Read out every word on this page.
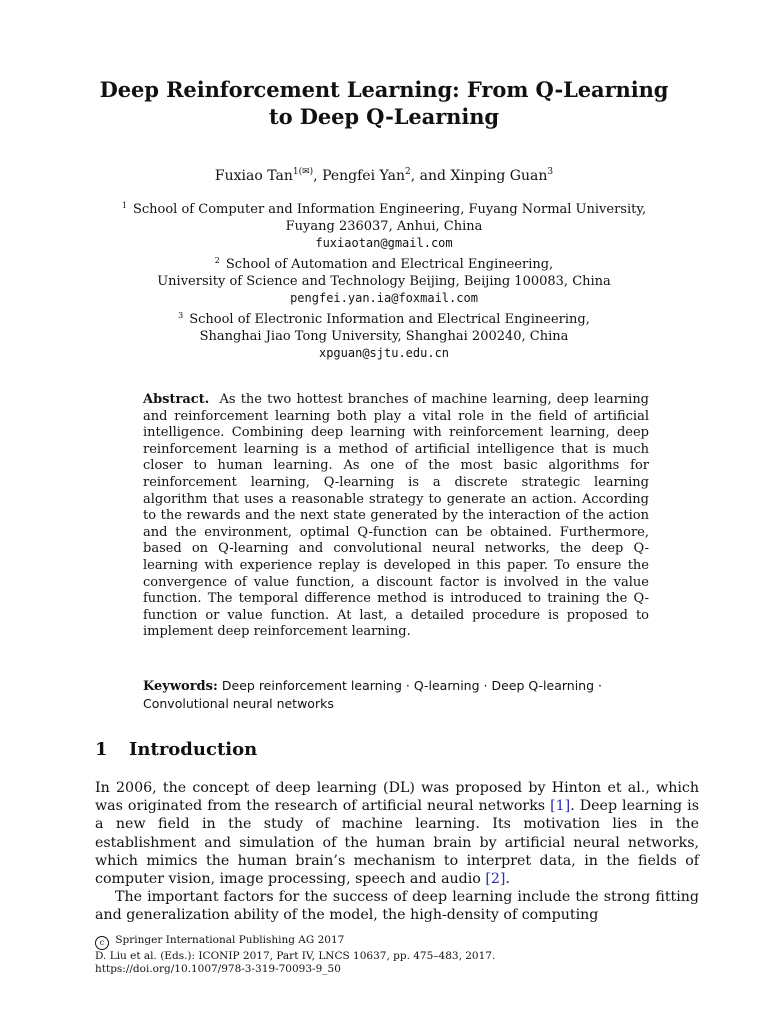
Deep Reinforcement Learning: From Q-Learning
to Deep Q-Learning
Fuxiao Tan$^{1(✉)}$, Pengfei Yan$^2$, and Xinping Guan$^3$
$^1$ School of Computer and Information Engineering, Fuyang Normal University,
Fuyang 236037, Anhui, China
fuxiaotan@gmail.com
$^2$ School of Automation and Electrical Engineering,
University of Science and Technology Beijing, Beijing 100083, China
pengfei.yan.ia@foxmail.com
$^3$ School of Electronic Information and Electrical Engineering,
Shanghai Jiao Tong University, Shanghai 200240, China
xpguan@sjtu.edu.cn
Abstract. As the two hottest branches of machine learning, deep learning and reinforcement learning both play a vital role in the field of artificial intelligence. Combining deep learning with reinforcement learning, deep reinforcement learning is a method of artificial intelligence that is much closer to human learning. As one of the most basic algorithms for reinforcement learning, Q-learning is a discrete strategic learning algorithm that uses a reasonable strategy to generate an action. According to the rewards and the next state generated by the interaction of the action and the environment, optimal Q-function can be obtained. Furthermore, based on Q-learning and convolutional neural networks, the deep Q-learning with experience replay is developed in this paper. To ensure the convergence of value function, a discount factor is involved in the value function. The temporal difference method is introduced to training the Q-function or value function. At last, a detailed procedure is proposed to implement deep reinforcement learning.
Keywords: Deep reinforcement learning · Q-learning · Deep Q-learning ·
Convolutional neural networks
1 Introduction

In 2006, the concept of deep learning (DL) was proposed by Hinton et al., which was originated from the research of artificial neural networks [1]. Deep learning is a new field in the study of machine learning. Its motivation lies in the establishment and simulation of the human brain by artificial neural networks, which mimics the human brain’s mechanism to interpret data, in the fields of computer vision, image processing, speech and audio [2].

The important factors for the success of deep learning include the strong fitting and generalization ability of the model, the high-density of computing

c Springer International Publishing AG 2017
D. Liu et al. (Eds.): ICONIP 2017, Part IV, LNCS 10637, pp. 475–483, 2017.
https://doi.org/10.1007/978-3-319-70093-9_50
